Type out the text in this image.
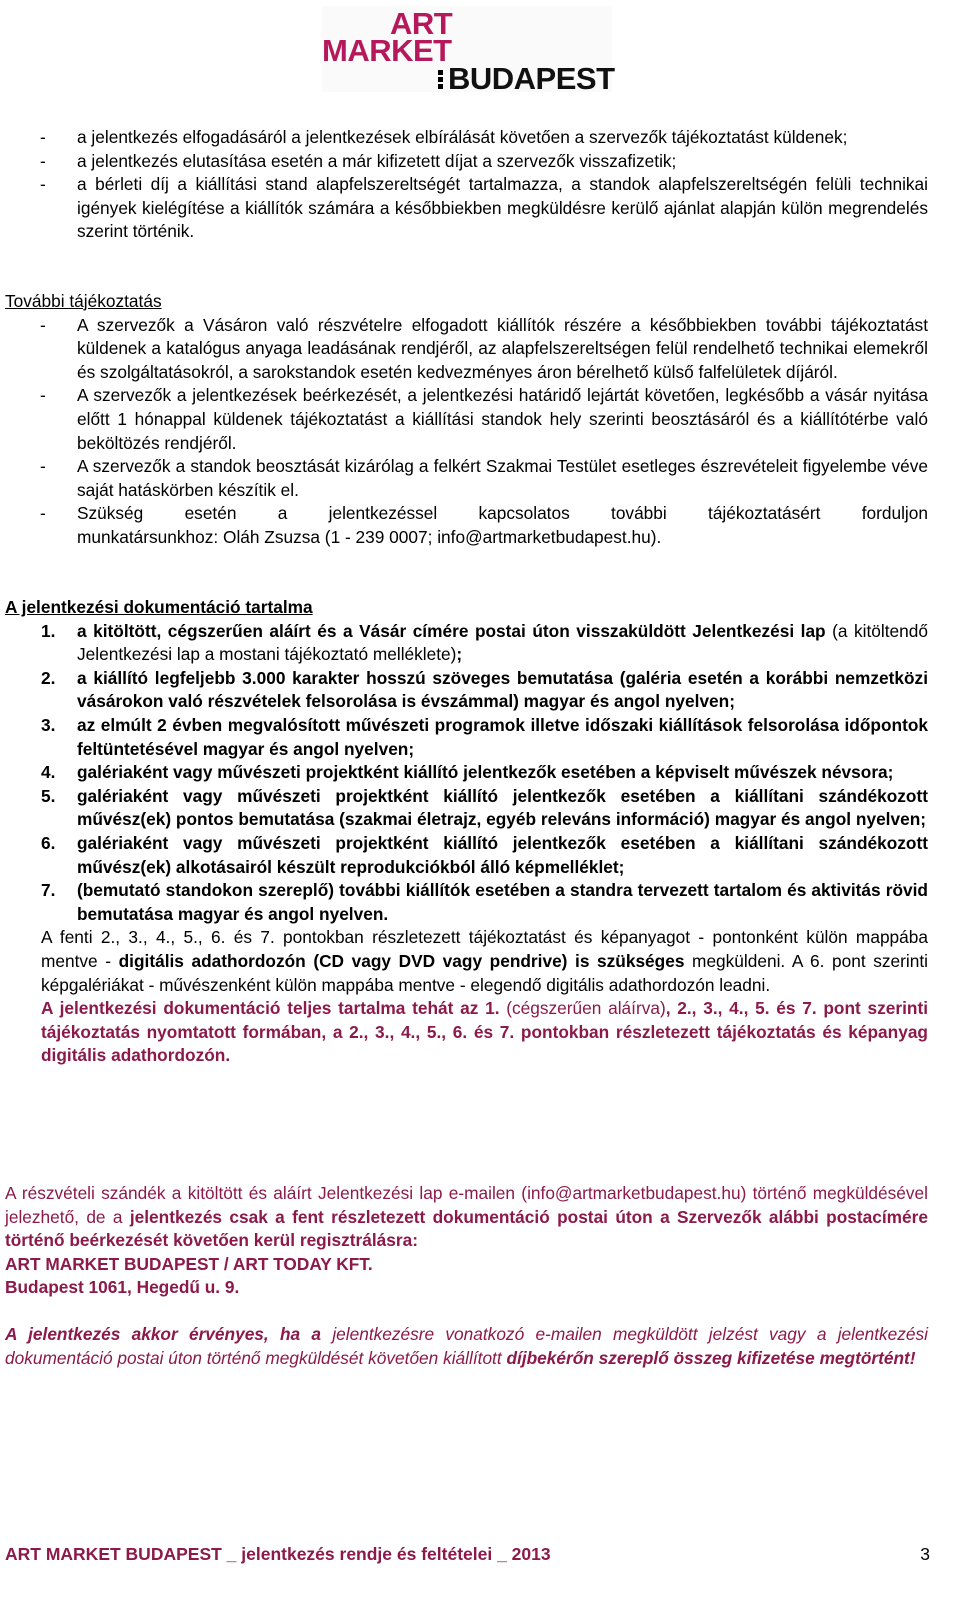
ART
MARKET
BUDAPEST
- a jelentkezés elfogadásáról a jelentkezések elbírálását követően a szervezők tájékoztatást küldenek;
- a jelentkezés elutasítása esetén a már kifizetett díjat a szervezők visszafizetik;
- a bérleti díj a kiállítási stand alapfelszereltségét tartalmazza, a standok alapfelszereltségén felüli technikai igények kielégítése a kiállítók számára a későbbiekben megküldésre kerülő ajánlat alapján külön megrendelés szerint történik.
További tájékoztatás
- A szervezők a Vásáron való részvételre elfogadott kiállítók részére a későbbiekben további tájékoztatást küldenek a katalógus anyaga leadásának rendjéről, az alapfelszereltségen felül rendelhető technikai elemekről és szolgáltatásokról, a sarokstandok esetén kedvezményes áron bérelhető külső falfelületek díjáról.
- A szervezők a jelentkezések beérkezését, a jelentkezési határidő lejártát követően, legkésőbb a vásár nyitása előtt 1 hónappal küldenek tájékoztatást a kiállítási standok hely szerinti beosztásáról és a kiállítótérbe való beköltözés rendjéről.
- A szervezők a standok beosztását kizárólag a felkért Szakmai Testület esetleges észrevételeit figyelembe véve saját hatáskörben készítik el.
- Szükség esetén a jelentkezéssel kapcsolatos további tájékoztatásért forduljon
munkatársunkhoz: Oláh Zsuzsa (1 - 239 0007; info@artmarketbudapest.hu).
A jelentkezési dokumentáció tartalma
1. a kitöltött, cégszerűen aláírt és a Vásár címére postai úton visszaküldött Jelentkezési lap (a kitöltendő Jelentkezési lap a mostani tájékoztató melléklete);
2. a kiállító legfeljebb 3.000 karakter hosszú szöveges bemutatása (galéria esetén a korábbi nemzetközi vásárokon való részvételek felsorolása is évszámmal) magyar és angol nyelven;
3. az elmúlt 2 évben megvalósított művészeti programok illetve időszaki kiállítások felsorolása időpontok feltüntetésével magyar és angol nyelven;
4. galériaként vagy művészeti projektként kiállító jelentkezők esetében a képviselt művészek névsora;
5. galériaként vagy művészeti projektként kiállító jelentkezők esetében a kiállítani szándékozott művész(ek) pontos bemutatása (szakmai életrajz, egyéb releváns információ) magyar és angol nyelven;
6. galériaként vagy művészeti projektként kiállító jelentkezők esetében a kiállítani szándékozott művész(ek) alkotásairól készült reprodukciókból álló képmelléklet;
7. (bemutató standokon szereplő) további kiállítók esetében a standra tervezett tartalom és aktivitás rövid bemutatása magyar és angol nyelven.
A fenti 2., 3., 4., 5., 6. és 7. pontokban részletezett tájékoztatást és képanyagot - pontonként külön mappába mentve - digitális adathordozón (CD vagy DVD vagy pendrive) is szükséges megküldeni. A 6. pont szerinti képgalériákat - művészenként külön mappába mentve - elegendő digitális adathordozón leadni.
A jelentkezési dokumentáció teljes tartalma tehát az 1. (cégszerűen aláírva), 2., 3., 4., 5. és 7. pont szerinti tájékoztatás nyomtatott formában, a 2., 3., 4., 5., 6. és 7. pontokban részletezett tájékoztatás és képanyag digitális adathordozón.
A részvételi szándék a kitöltött és aláírt Jelentkezési lap e-mailen (info@artmarketbudapest.hu) történő megküldésével jelezhető, de a jelentkezés csak a fent részletezett dokumentáció postai úton a Szervezők alábbi postacímére történő beérkezését követően kerül regisztrálásra:
ART MARKET BUDAPEST / ART TODAY KFT.
Budapest 1061, Hegedű u. 9.
A jelentkezés akkor érvényes, ha a jelentkezésre vonatkozó e-mailen megküldött jelzést vagy a jelentkezési dokumentáció postai úton történő megküldését követően kiállított díjbekérőn szereplő összeg kifizetése megtörtént!
ART MARKET BUDAPEST _ jelentkezés rendje és feltételei _ 2013	3
